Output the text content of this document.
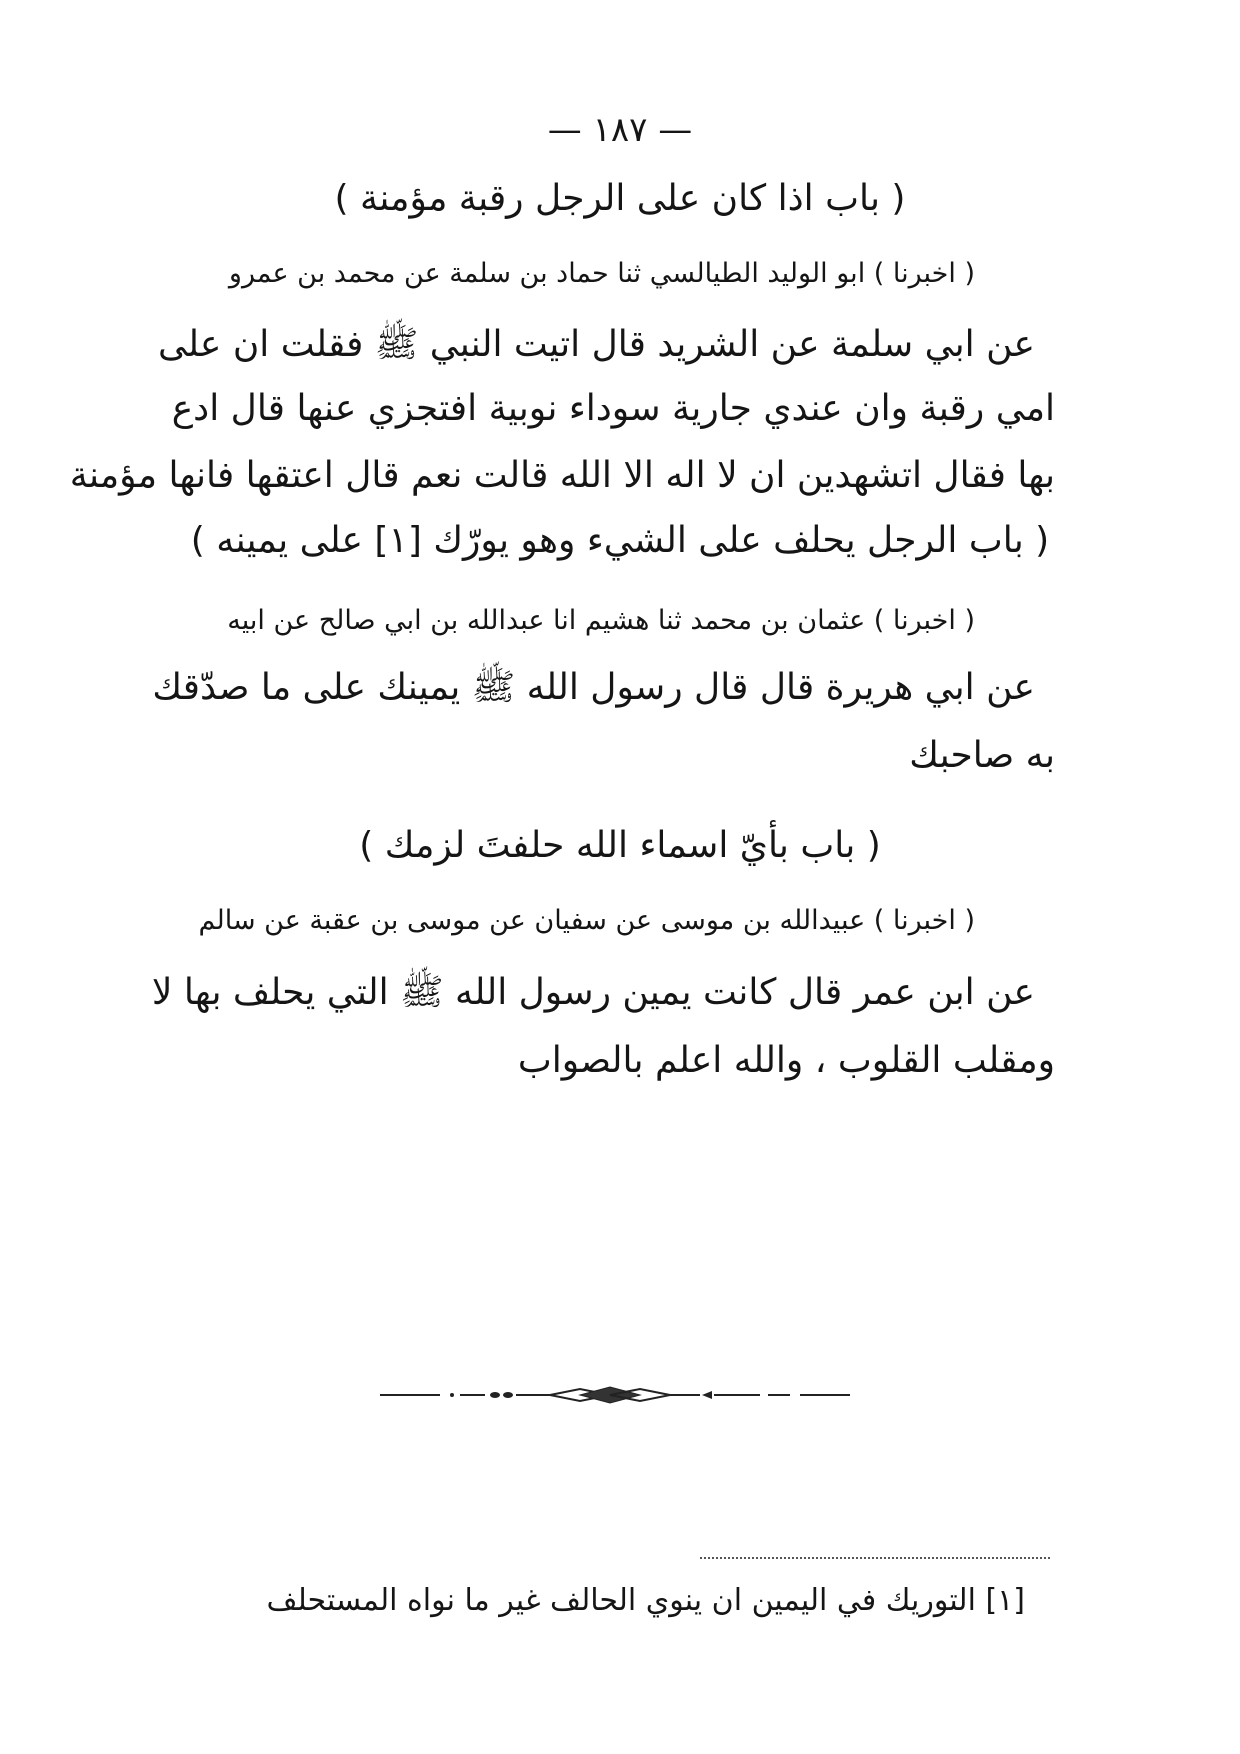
— ١٨٧ —
( باب اذا كان على الرجل رقبة مؤمنة )
( اخبرنا ) ابو الوليد الطيالسي ثنا حماد بن سلمة عن محمد بن عمرو
عن ابي سلمة عن الشريد قال اتيت النبي ﷺ فقلت ان على
امي رقبة وان عندي جارية سوداء نوبية افتجزي عنها قال ادع
بها فقال اتشهدين ان لا اله الا الله قالت نعم قال اعتقها فانها مؤمنة
( باب الرجل يحلف على الشيء وهو يورّك [١] على يمينه )
( اخبرنا ) عثمان بن محمد ثنا هشيم انا عبدالله بن ابي صالح عن ابيه
عن ابي هريرة قال قال رسول الله ﷺ يمينك على ما صدّقك
به صاحبك
( باب بأيّ اسماء الله حلفتَ لزمك )
( اخبرنا ) عبيدالله بن موسى عن سفيان عن موسى بن عقبة عن سالم
عن ابن عمر قال كانت يمين رسول الله ﷺ التي يحلف بها لا
ومقلب القلوب ، والله اعلم بالصواب
[١] التوريك في اليمين ان ينوي الحالف غير ما نواه المستحلف
